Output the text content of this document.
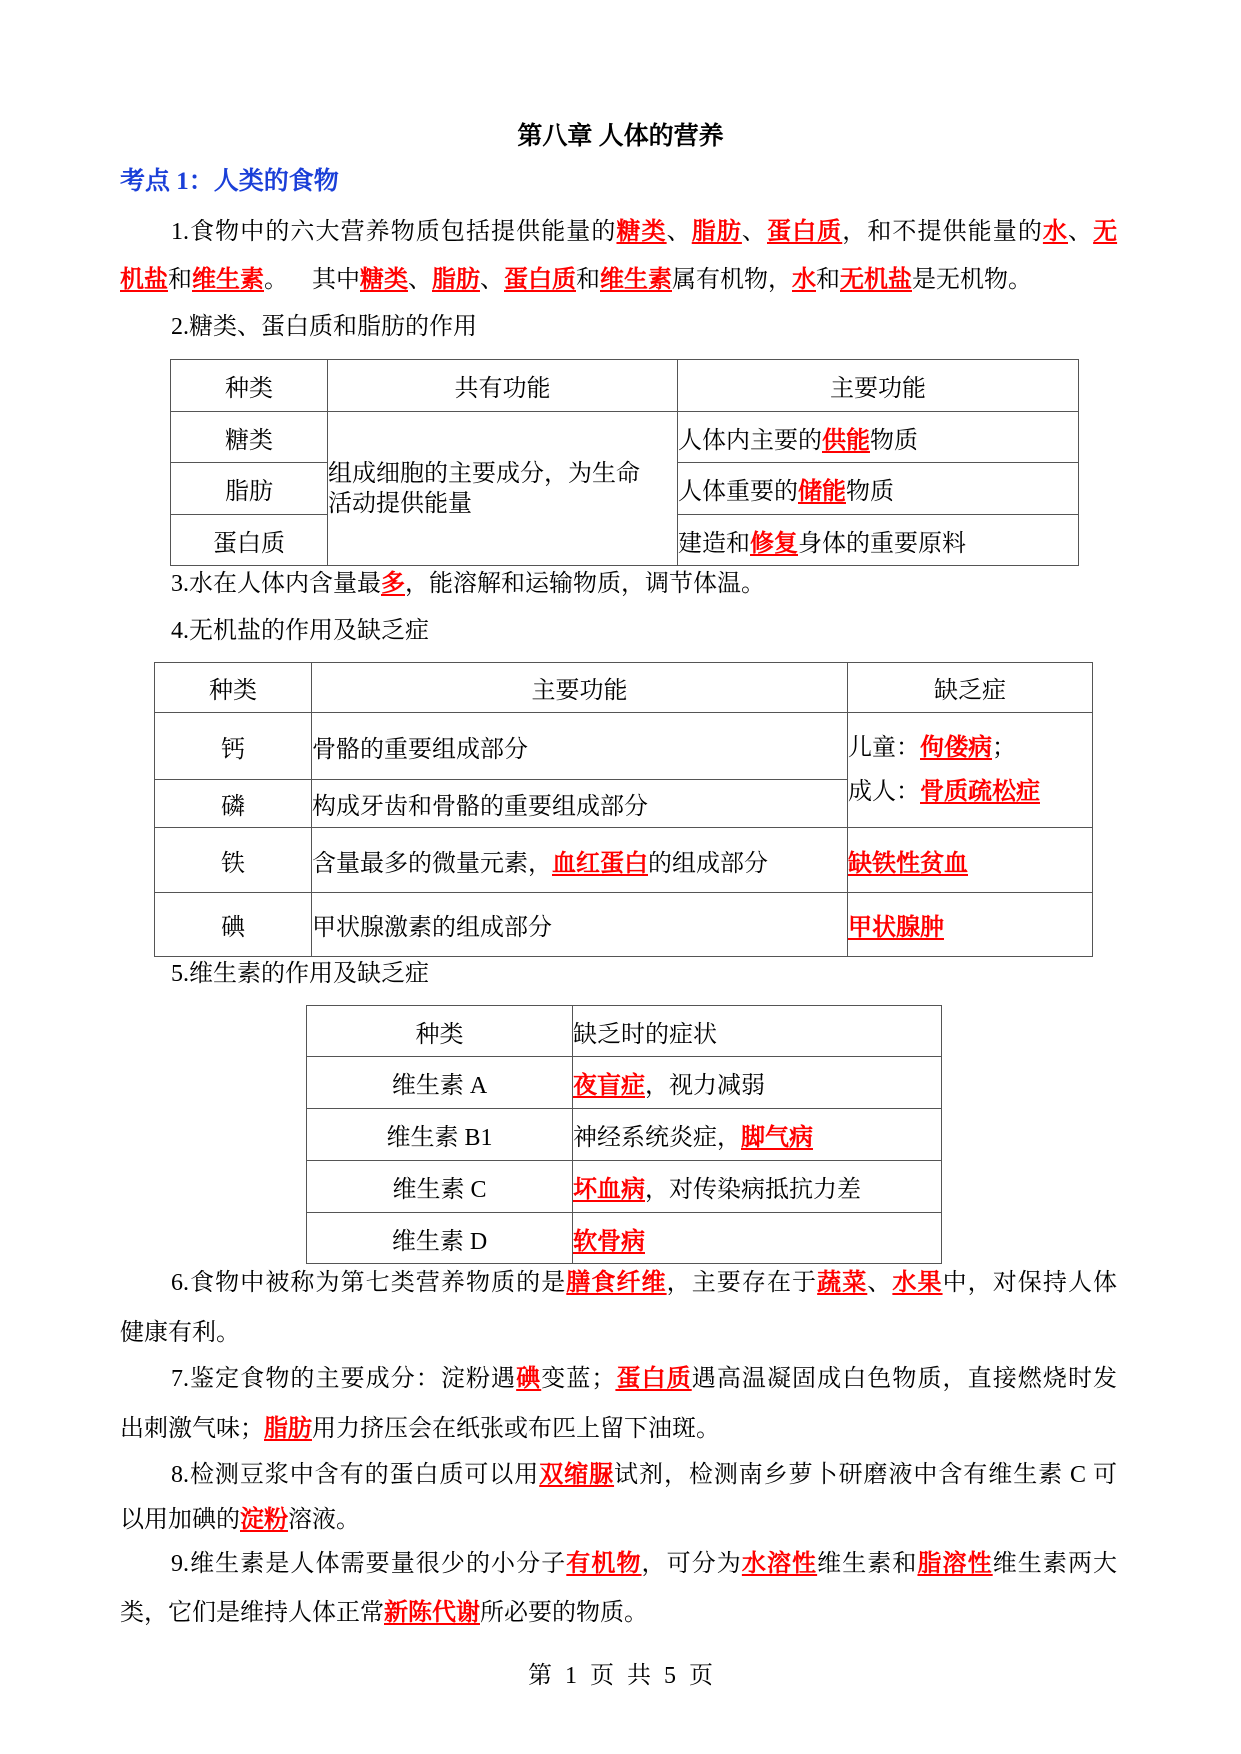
第八章 人体的营养
考点 1：人类的食物
1.食物中的六大营养物质包括提供能量的糖类、脂肪、蛋白质，和不提供能量的水、无
机盐和维生素。    其中糖类、脂肪、蛋白质和维生素属有机物，水和无机盐是无机物。
2.糖类、蛋白质和脂肪的作用
种类	共有功能	主要功能
糖类	组成细胞的主要成分，为生命
活动提供能量	人体内主要的供能物质
脂肪		人体重要的储能物质
蛋白质		建造和修复身体的重要原料
3.水在人体内含量最多，能溶解和运输物质，调节体温。
4.无机盐的作用及缺乏症
种类	主要功能	缺乏症
钙	骨骼的重要组成部分	儿童：佝偻病；
成人：骨质疏松症

磷	构成牙齿和骨骼的重要组成部分	
铁	含量最多的微量元素，血红蛋白的组成部分	缺铁性贫血
碘	甲状腺激素的组成部分	甲状腺肿
5.维生素的作用及缺乏症
种类	缺乏时的症状
维生素 A	夜盲症，视力减弱
维生素 B1	神经系统炎症，脚气病
维生素 C	坏血病，对传染病抵抗力差
维生素 D	软骨病
6.食物中被称为第七类营养物质的是膳食纤维，主要存在于蔬菜、水果中，对保持人体
健康有利。
7.鉴定食物的主要成分：淀粉遇碘变蓝；蛋白质遇高温凝固成白色物质，直接燃烧时发
出刺激气味；脂肪用力挤压会在纸张或布匹上留下油斑。
8.检测豆浆中含有的蛋白质可以用双缩脲试剂，检测南乡萝卜研磨液中含有维生素 C 可
以用加碘的淀粉溶液。
9.维生素是人体需要量很少的小分子有机物，可分为水溶性维生素和脂溶性维生素两大
类，它们是维持人体正常新陈代谢所必要的物质。
第 1 页 共 5 页
